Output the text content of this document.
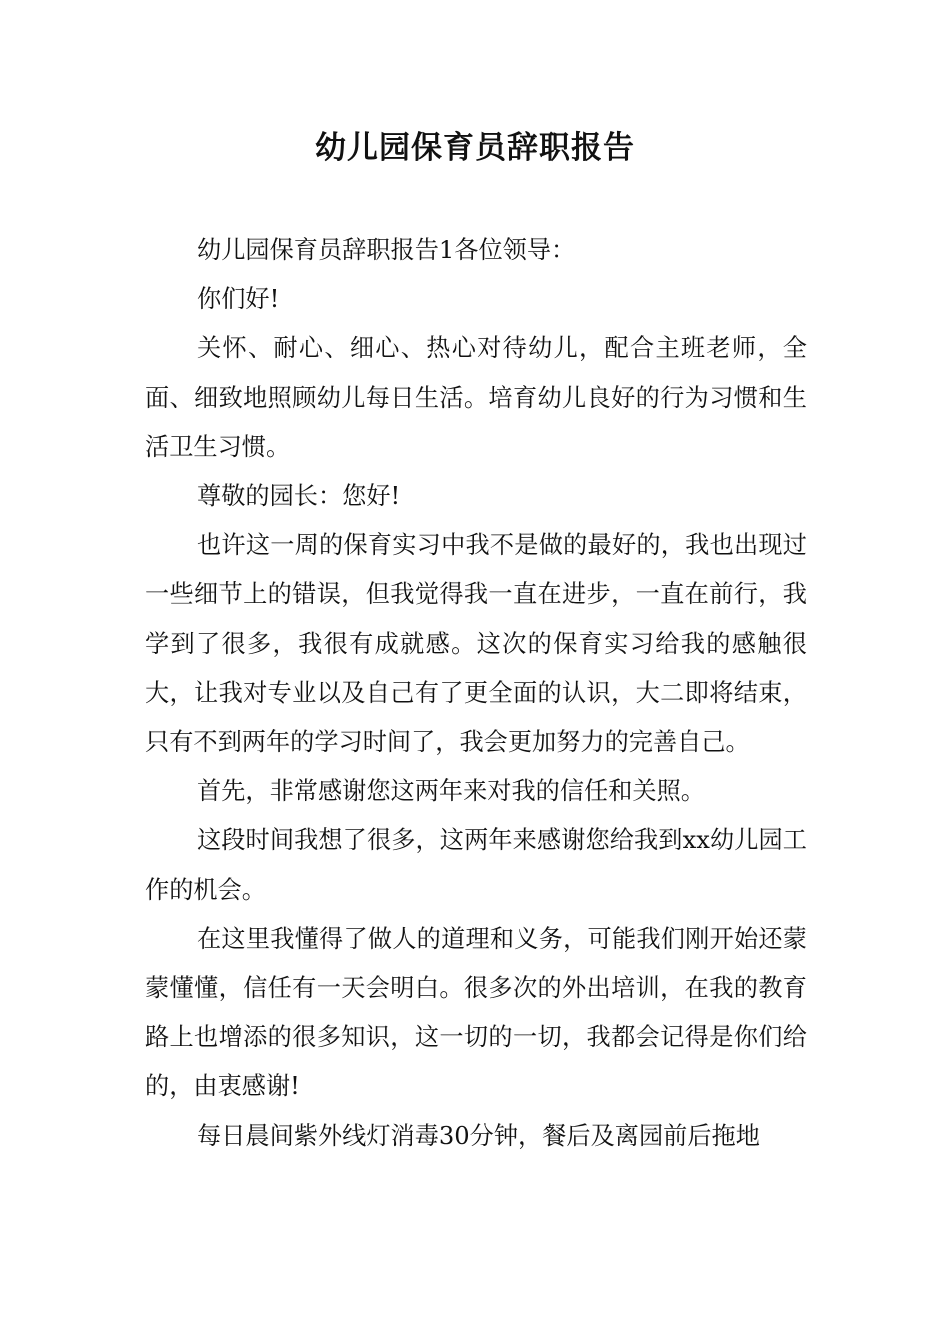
幼儿园保育员辞职报告

幼儿园保育员辞职报告1各位领导：

你们好!

关怀、耐心、细心、热心对待幼儿，配合主班老师，全面、细致地照顾幼儿每日生活。培育幼儿良好的行为习惯和生活卫生习惯。

尊敬的园长：您好!

也许这一周的保育实习中我不是做的最好的，我也出现过一些细节上的错误，但我觉得我一直在进步，一直在前行，我学到了很多，我很有成就感。这次的保育实习给我的感触很大，让我对专业以及自己有了更全面的认识，大二即将结束，只有不到两年的学习时间了，我会更加努力的完善自己。

首先，非常感谢您这两年来对我的信任和关照。

这段时间我想了很多，这两年来感谢您给我到xx幼儿园工作的机会。

在这里我懂得了做人的道理和义务，可能我们刚开始还蒙蒙懂懂，信任有一天会明白。很多次的外出培训，在我的教育路上也增添的很多知识，这一切的一切，我都会记得是你们给的，由衷感谢!

每日晨间紫外线灯消毒30分钟，餐后及离园前后拖地
